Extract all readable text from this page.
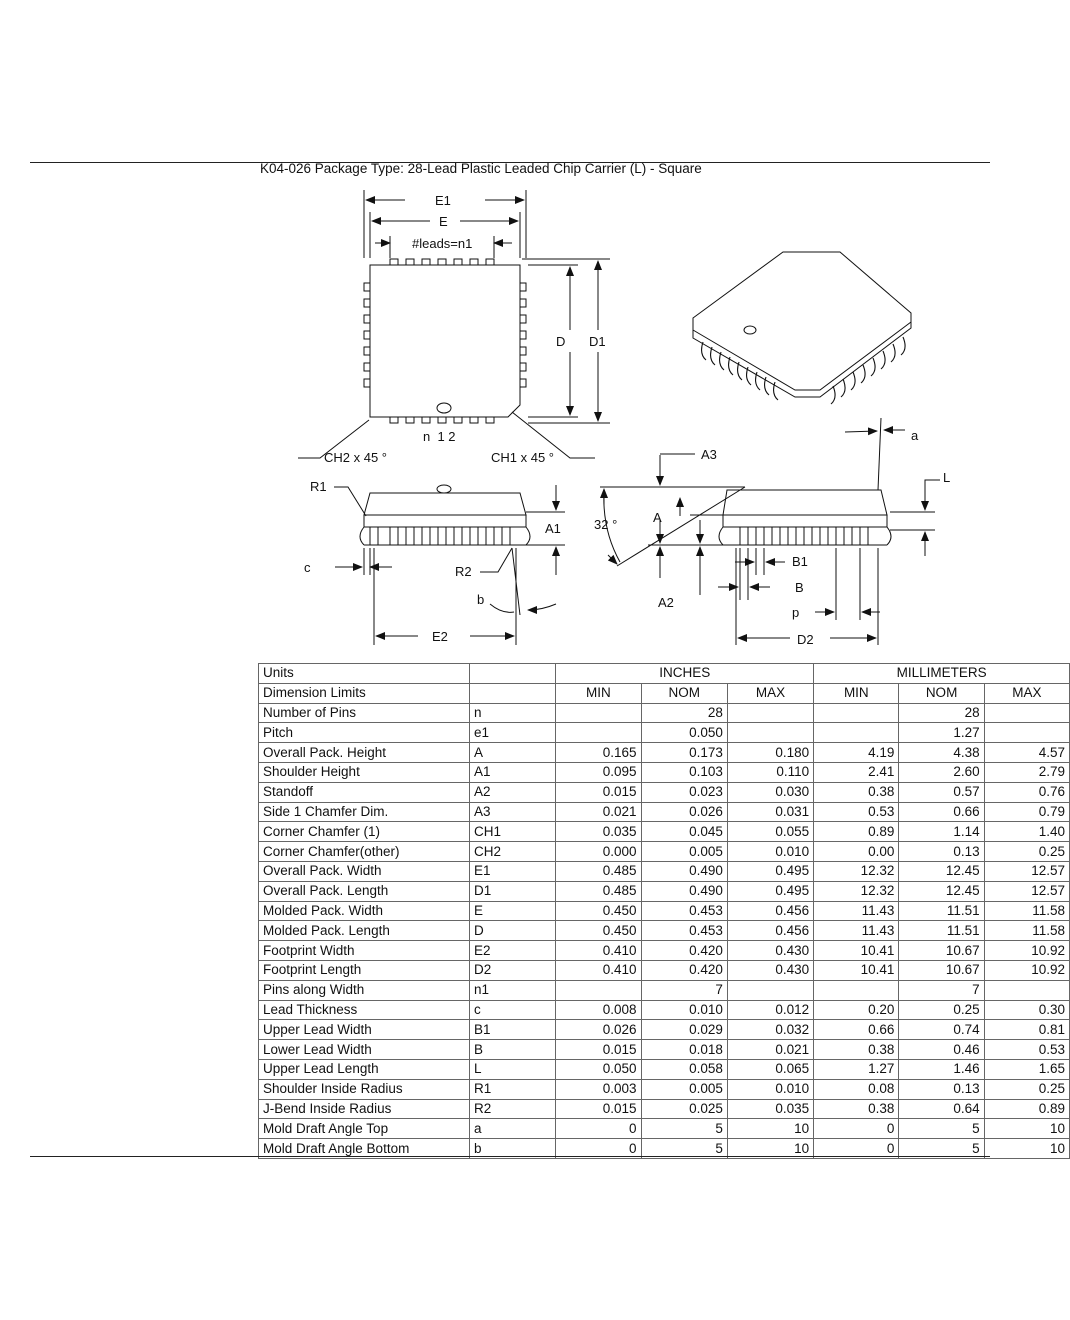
K04-026 Package Type: 28-Lead Plastic Leaded Chip Carrier (L) - Square
E1
E
#leads=n1
D D1
n  1 2
CH2 x 45 °	CH1 x 45 °
R1
A1
c	R2
b
E2
A3
A
32 °
A2
B1
B
p
D2
a
L
Units		INCHES			MILLIMETERS		
Dimension Limits		MIN	NOM	MAX	MIN	NOM	MAX
Number of Pins	n		28			28	
Pitch	e1		0.050			1.27	
Overall Pack. Height	A	0.165	0.173	0.180	4.19	4.38	4.57
Shoulder Height	A1	0.095	0.103	0.110	2.41	2.60	2.79
Standoff	A2	0.015	0.023	0.030	0.38	0.57	0.76
Side 1 Chamfer Dim.	A3	0.021	0.026	0.031	0.53	0.66	0.79
Corner Chamfer (1)	CH1	0.035	0.045	0.055	0.89	1.14	1.40
Corner Chamfer(other)	CH2	0.000	0.005	0.010	0.00	0.13	0.25
Overall Pack. Width	E1	0.485	0.490	0.495	12.32	12.45	12.57
Overall Pack. Length	D1	0.485	0.490	0.495	12.32	12.45	12.57
Molded Pack. Width	E	0.450	0.453	0.456	11.43	11.51	11.58
Molded Pack. Length	D	0.450	0.453	0.456	11.43	11.51	11.58
Footprint Width	E2	0.410	0.420	0.430	10.41	10.67	10.92
Footprint Length	D2	0.410	0.420	0.430	10.41	10.67	10.92
Pins along Width	n1		7			7	
Lead Thickness	c	0.008	0.010	0.012	0.20	0.25	0.30
Upper Lead Width	B1	0.026	0.029	0.032	0.66	0.74	0.81
Lower Lead Width	B	0.015	0.018	0.021	0.38	0.46	0.53
Upper Lead Length	L	0.050	0.058	0.065	1.27	1.46	1.65
Shoulder Inside Radius	R1	0.003	0.005	0.010	0.08	0.13	0.25
J-Bend Inside Radius	R2	0.015	0.025	0.035	0.38	0.64	0.89
Mold Draft Angle Top	a	0	5	10	0	5	10
Mold Draft Angle Bottom	b	0	5	10	0	5	10
